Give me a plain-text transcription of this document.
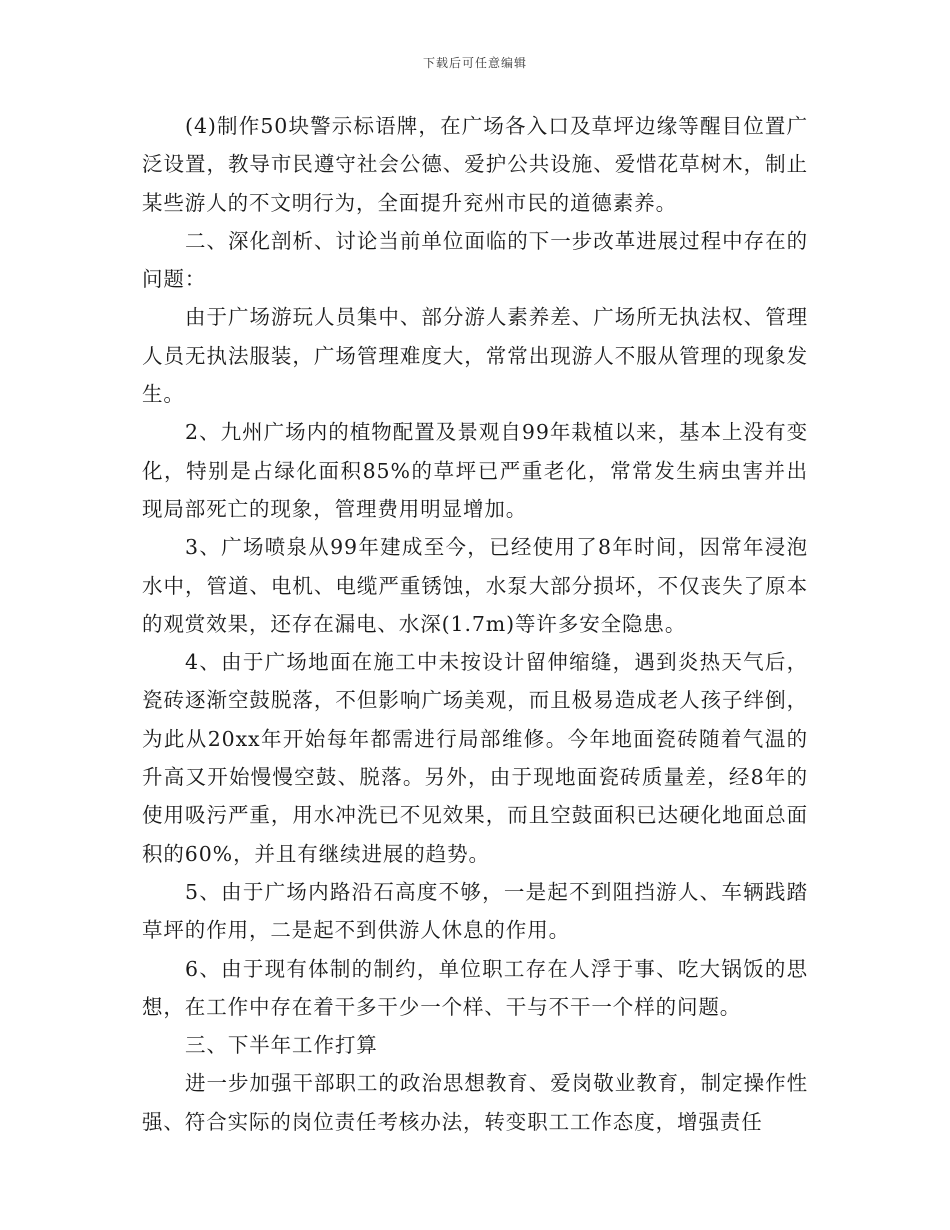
下载后可任意编辑

(4)制作50块警示标语牌，在广场各入口及草坪边缘等醒目位置广泛设置，教导市民遵守社会公德、爱护公共设施、爱惜花草树木，制止某些游人的不文明行为，全面提升兖州市民的道德素养。

二、深化剖析、讨论当前单位面临的下一步改革进展过程中存在的问题：

由于广场游玩人员集中、部分游人素养差、广场所无执法权、管理人员无执法服装，广场管理难度大，常常出现游人不服从管理的现象发生。

2、九州广场内的植物配置及景观自99年栽植以来，基本上没有变化，特别是占绿化面积85%的草坪已严重老化，常常发生病虫害并出现局部死亡的现象，管理费用明显增加。

3、广场喷泉从99年建成至今，已经使用了8年时间，因常年浸泡水中，管道、电机、电缆严重锈蚀，水泵大部分损坏，不仅丧失了原本的观赏效果，还存在漏电、水深(1.7m)等许多安全隐患。

4、由于广场地面在施工中未按设计留伸缩缝，遇到炎热天气后，瓷砖逐渐空鼓脱落，不但影响广场美观，而且极易造成老人孩子绊倒，为此从20xx年开始每年都需进行局部维修。今年地面瓷砖随着气温的升高又开始慢慢空鼓、脱落。另外，由于现地面瓷砖质量差，经8年的使用吸污严重，用水冲洗已不见效果，而且空鼓面积已达硬化地面总面积的60%，并且有继续进展的趋势。

5、由于广场内路沿石高度不够，一是起不到阻挡游人、车辆践踏草坪的作用，二是起不到供游人休息的作用。

6、由于现有体制的制约，单位职工存在人浮于事、吃大锅饭的思想，在工作中存在着干多干少一个样、干与不干一个样的问题。

三、下半年工作打算

进一步加强干部职工的政治思想教育、爱岗敬业教育，制定操作性强、符合实际的岗位责任考核办法，转变职工工作态度，增强责任
